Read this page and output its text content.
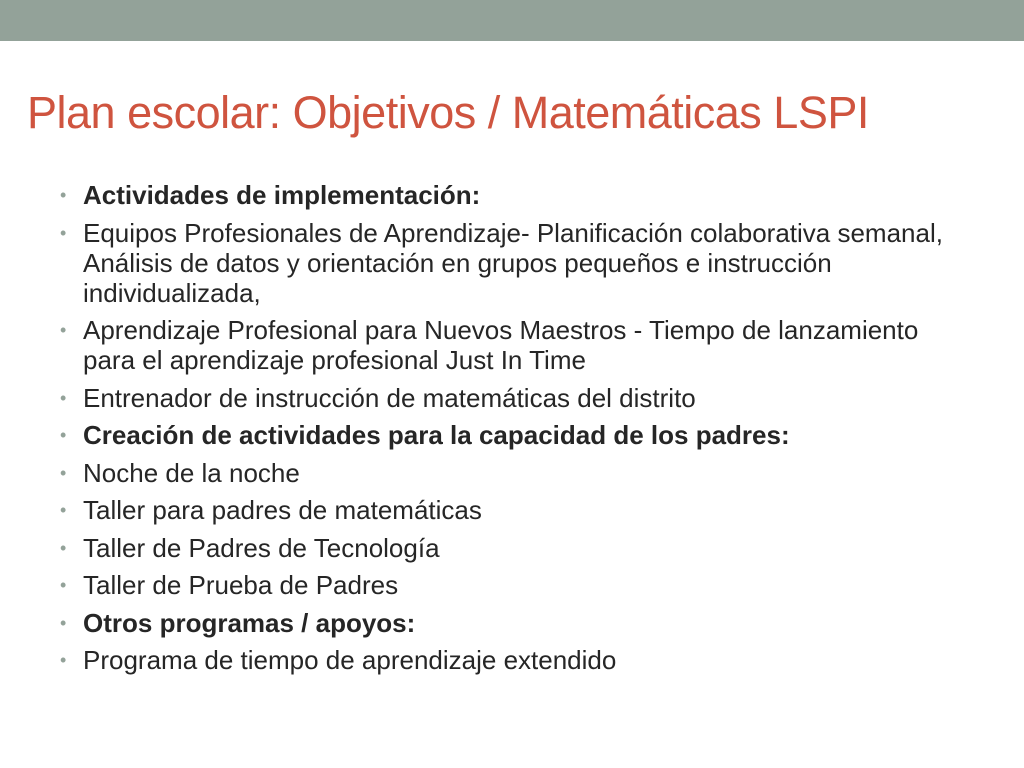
Plan escolar: Objetivos / Matemáticas LSPI
• Actividades de implementación:
• Equipos Profesionales de Aprendizaje- Planificación colaborativa semanal, Análisis de datos y orientación en grupos pequeños e instrucción individualizada,
• Aprendizaje Profesional para Nuevos Maestros - Tiempo de lanzamiento para el aprendizaje profesional Just In Time
• Entrenador de instrucción de matemáticas del distrito
• Creación de actividades para la capacidad de los padres:
• Noche de la noche
• Taller para padres de matemáticas
• Taller de Padres de Tecnología
• Taller de Prueba de Padres
• Otros programas / apoyos:
• Programa de tiempo de aprendizaje extendido
